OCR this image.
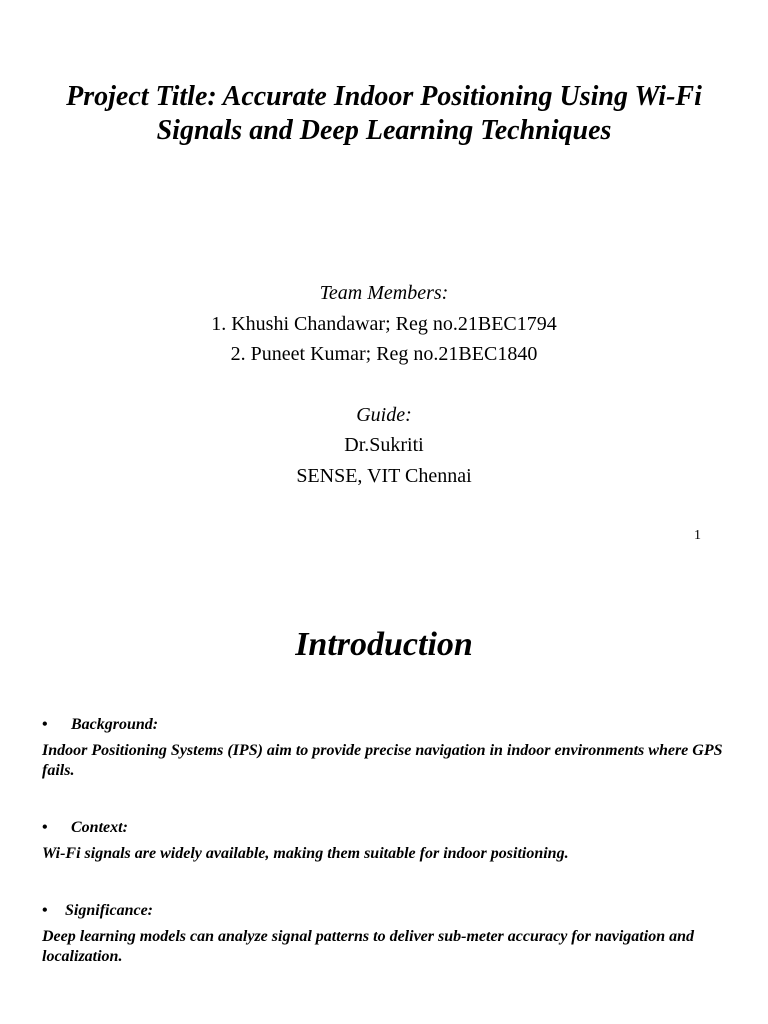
Project Title: Accurate Indoor Positioning Using Wi-Fi Signals and Deep Learning Techniques
Team Members:
1. Khushi Chandawar; Reg no.21BEC1794
2. Puneet Kumar; Reg no.21BEC1840
Guide:
Dr.Sukriti
SENSE, VIT Chennai
1
Introduction
• Background:
Indoor Positioning Systems (IPS) aim to provide precise navigation in indoor environments where GPS fails.
• Context:
Wi-Fi signals are widely available, making them suitable for indoor positioning.
• Significance:
Deep learning models can analyze signal patterns to deliver sub-meter accuracy for navigation and localization.
